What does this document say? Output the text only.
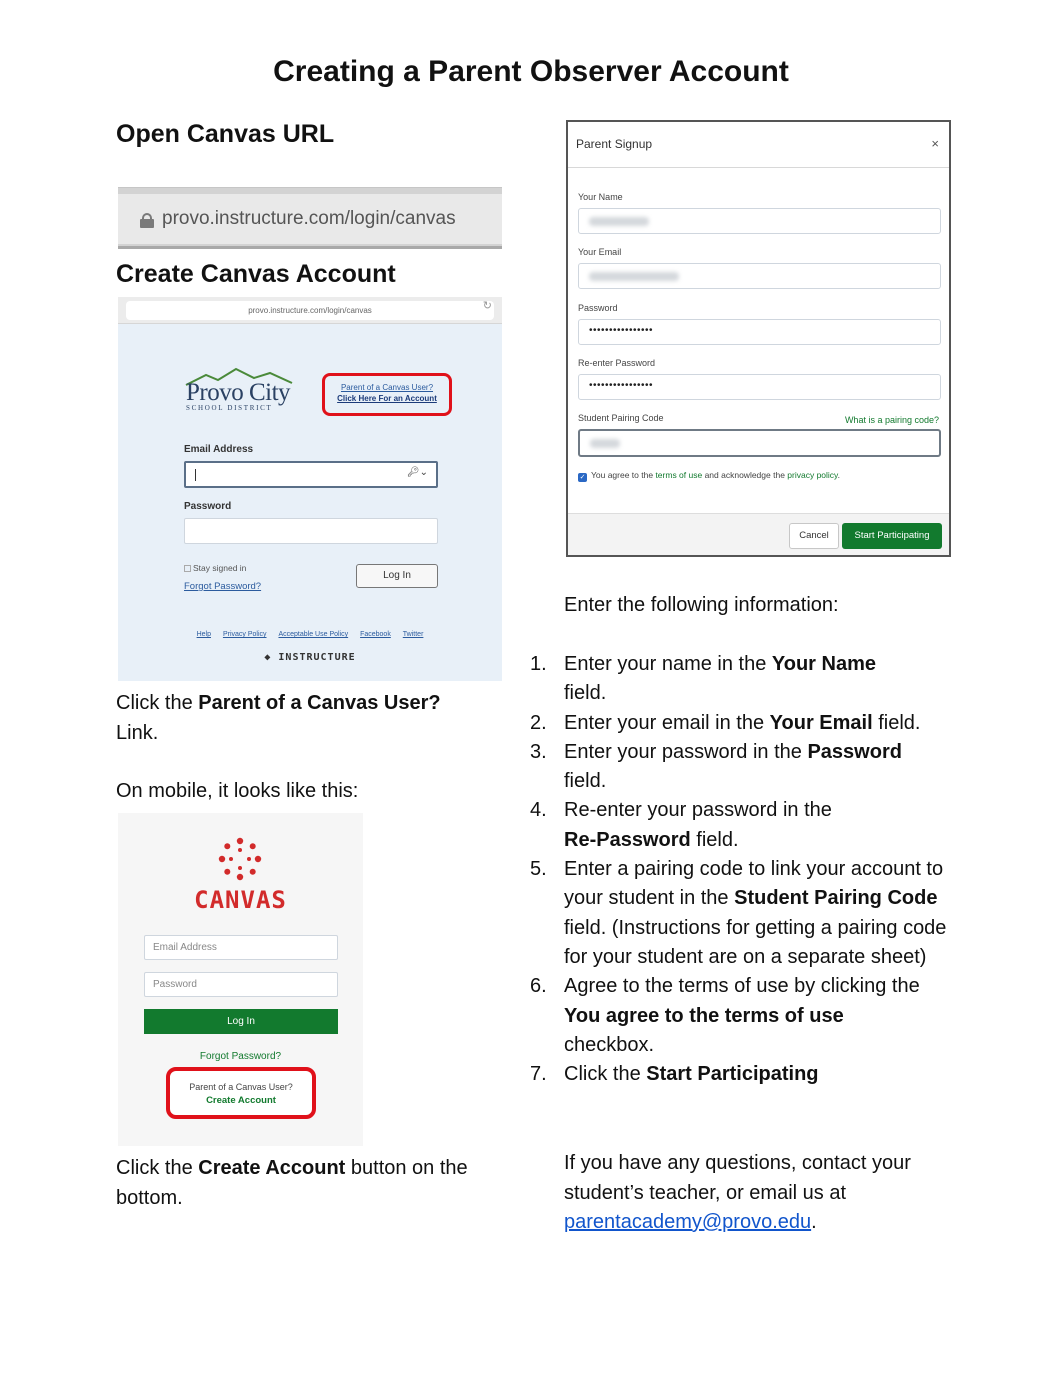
Creating a Parent Observer Account
Open Canvas URL
provo.instructure.com/login/canvas
Create Canvas Account
provo.instructure.com/login/canvas	↻
Provo City
SCHOOL DISTRICT
Parent of a Canvas User?
Click Here For an Account
Email Address
🔑︎⌄
Password
Stay signed in
Forgot Password?
Log In
Help Privacy Policy Acceptable Use Policy Facebook Twitter
◆ INSTRUCTURE
Click the Parent of a Canvas User?
Link.
On mobile, it looks like this:
CANVAS
Email Address
Password
Log In
Forgot Password?
Parent of a Canvas User?
Create Account
Click the Create Account button on the
bottom.
Parent Signup	×
Your Name
Your Email
Password
••••••••••••••••
Re-enter Password
••••••••••••••••
Student Pairing Code	What is a pairing code?
✓ You agree to the terms of use and acknowledge the privacy policy.
Cancel	Start Participating
Enter the following information:
1. Enter your name in the Your Name
field.
2. Enter your email in the Your Email field.
3. Enter your password in the Password
field.
4. Re-enter your password in the
Re-Password field.
5. Enter a pairing code to link your account to your student in the Student Pairing Code field. (Instructions for getting a pairing code for your student are on a separate sheet)
6. Agree to the terms of use by clicking the You agree to the terms of use
checkbox.
7. Click the Start Participating
If you have any questions, contact your
student’s teacher, or email us at
parentacademy@provo.edu.
